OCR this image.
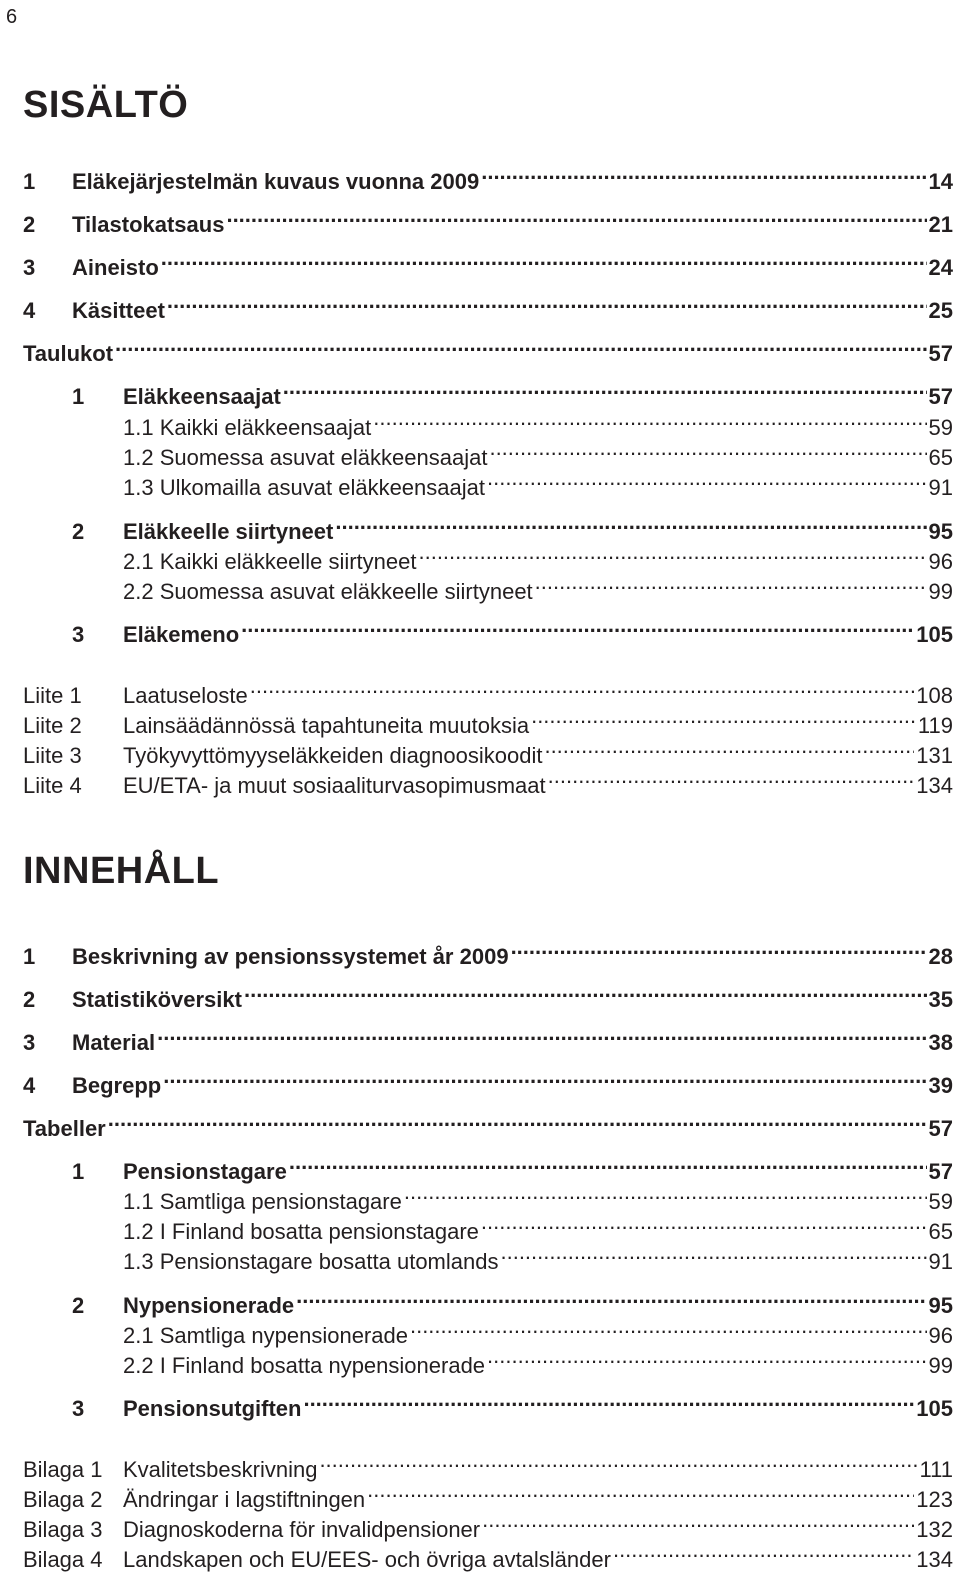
6
SISÄLTÖ
1	Eläkejärjestelmän kuvaus vuonna 2009 .....	14
2	Tilastokatsaus .....	21
3	Aineisto .....	24
4	Käsitteet .....	25
Taulukot .....	57
1	Eläkkeensaajat .....	57
1.1 Kaikki eläkkeensaajat .....	59
1.2 Suomessa asuvat eläkkeensaajat .....	65
1.3 Ulkomailla asuvat eläkkeensaajat .....	91
2	Eläkkeelle siirtyneet .....	95
2.1 Kaikki eläkkeelle siirtyneet .....	96
2.2 Suomessa asuvat eläkkeelle siirtyneet .....	99
3	Eläkemeno .....	105
Liite 1	Laatuseloste .....	108
Liite 2	Lainsäädännössä tapahtuneita muutoksia .....	119
Liite 3	Työkyvyttömyyseläkkeiden diagnoosikoodit .....	131
Liite 4	EU/ETA- ja muut sosiaaliturvasopimusmaat .....	134
INNEHÅLL
1	Beskrivning av pensionssystemet år 2009 .....	28
2	Statistiköversikt .....	35
3	Material .....	38
4	Begrepp .....	39
Tabeller .....	57
1	Pensionstagare .....	57
1.1 Samtliga pensionstagare .....	59
1.2 I Finland bosatta pensionstagare .....	65
1.3 Pensionstagare bosatta utomlands .....	91
2	Nypensionerade .....	95
2.1 Samtliga nypensionerade .....	96
2.2 I Finland bosatta nypensionerade .....	99
3	Pensionsutgiften .....	105
Bilaga 1 Kvalitetsbeskrivning .....	111
Bilaga 2 Ändringar i lagstiftningen .....	123
Bilaga 3 Diagnoskoderna för invalidpensioner .....	132
Bilaga 4 Landskapen och EU/EES- och övriga avtalsländer .....	134
